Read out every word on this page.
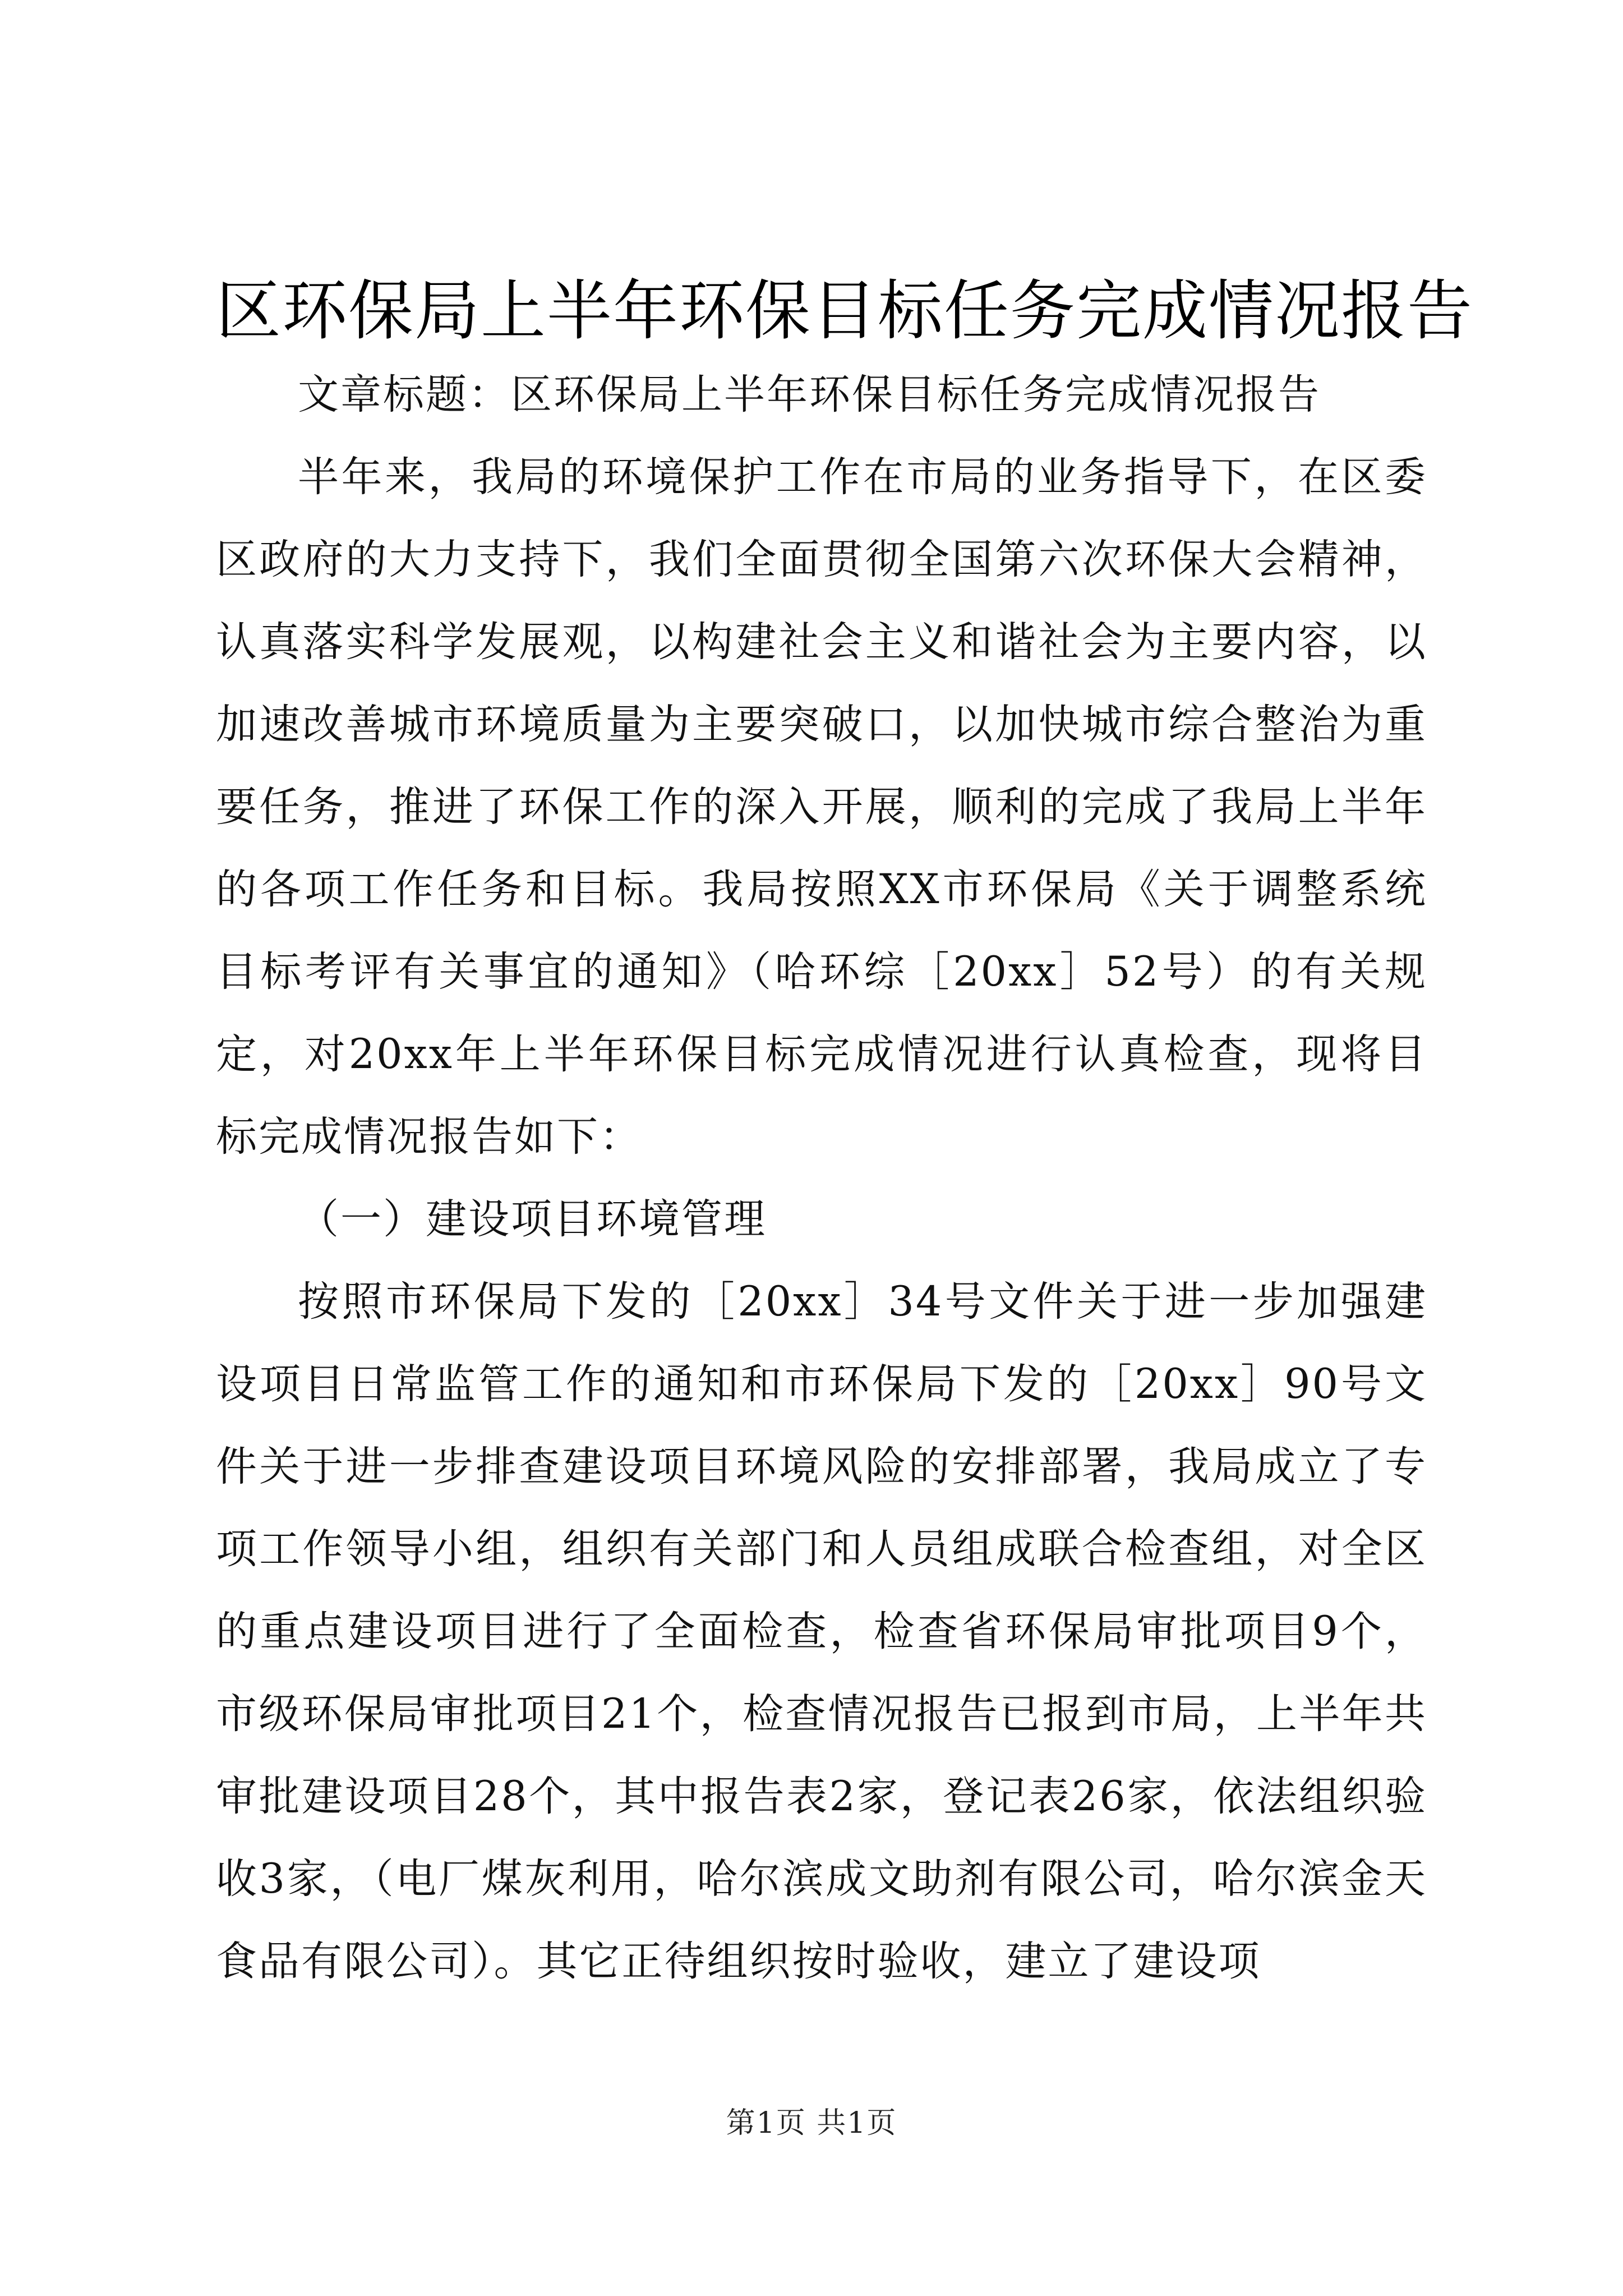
区环保局上半年环保目标任务完成情况报告

文章标题：区环保局上半年环保目标任务完成情况报告

半年来，我局的环境保护工作在市局的业务指导下，在区委区政府的大力支持下，我们全面贯彻全国第六次环保大会精神，认真落实科学发展观，以构建社会主义和谐社会为主要内容，以加速改善城市环境质量为主要突破口，以加快城市综合整治为重要任务，推进了环保工作的深入开展，顺利的完成了我局上半年的各项工作任务和目标。我局按照XX市环保局《关于调整系统目标考评有关事宜的通知》（哈环综［20xx］52号）的有关规定，对20xx年上半年环保目标完成情况进行认真检查，现将目标完成情况报告如下：

（一）建设项目环境管理

按照市环保局下发的［20xx］34号文件关于进一步加强建设项目日常监管工作的通知和市环保局下发的［20xx］90号文件关于进一步排查建设项目环境风险的安排部署，我局成立了专项工作领导小组，组织有关部门和人员组成联合检查组，对全区的重点建设项目进行了全面检查，检查省环保局审批项目9个，市级环保局审批项目21个，检查情况报告已报到市局，上半年共审批建设项目28个，其中报告表2家，登记表26家，依法组织验收3家，（电厂煤灰利用，哈尔滨成文助剂有限公司，哈尔滨金天食品有限公司）。其它正待组织按时验收，建立了建设项

第1页 共1页
